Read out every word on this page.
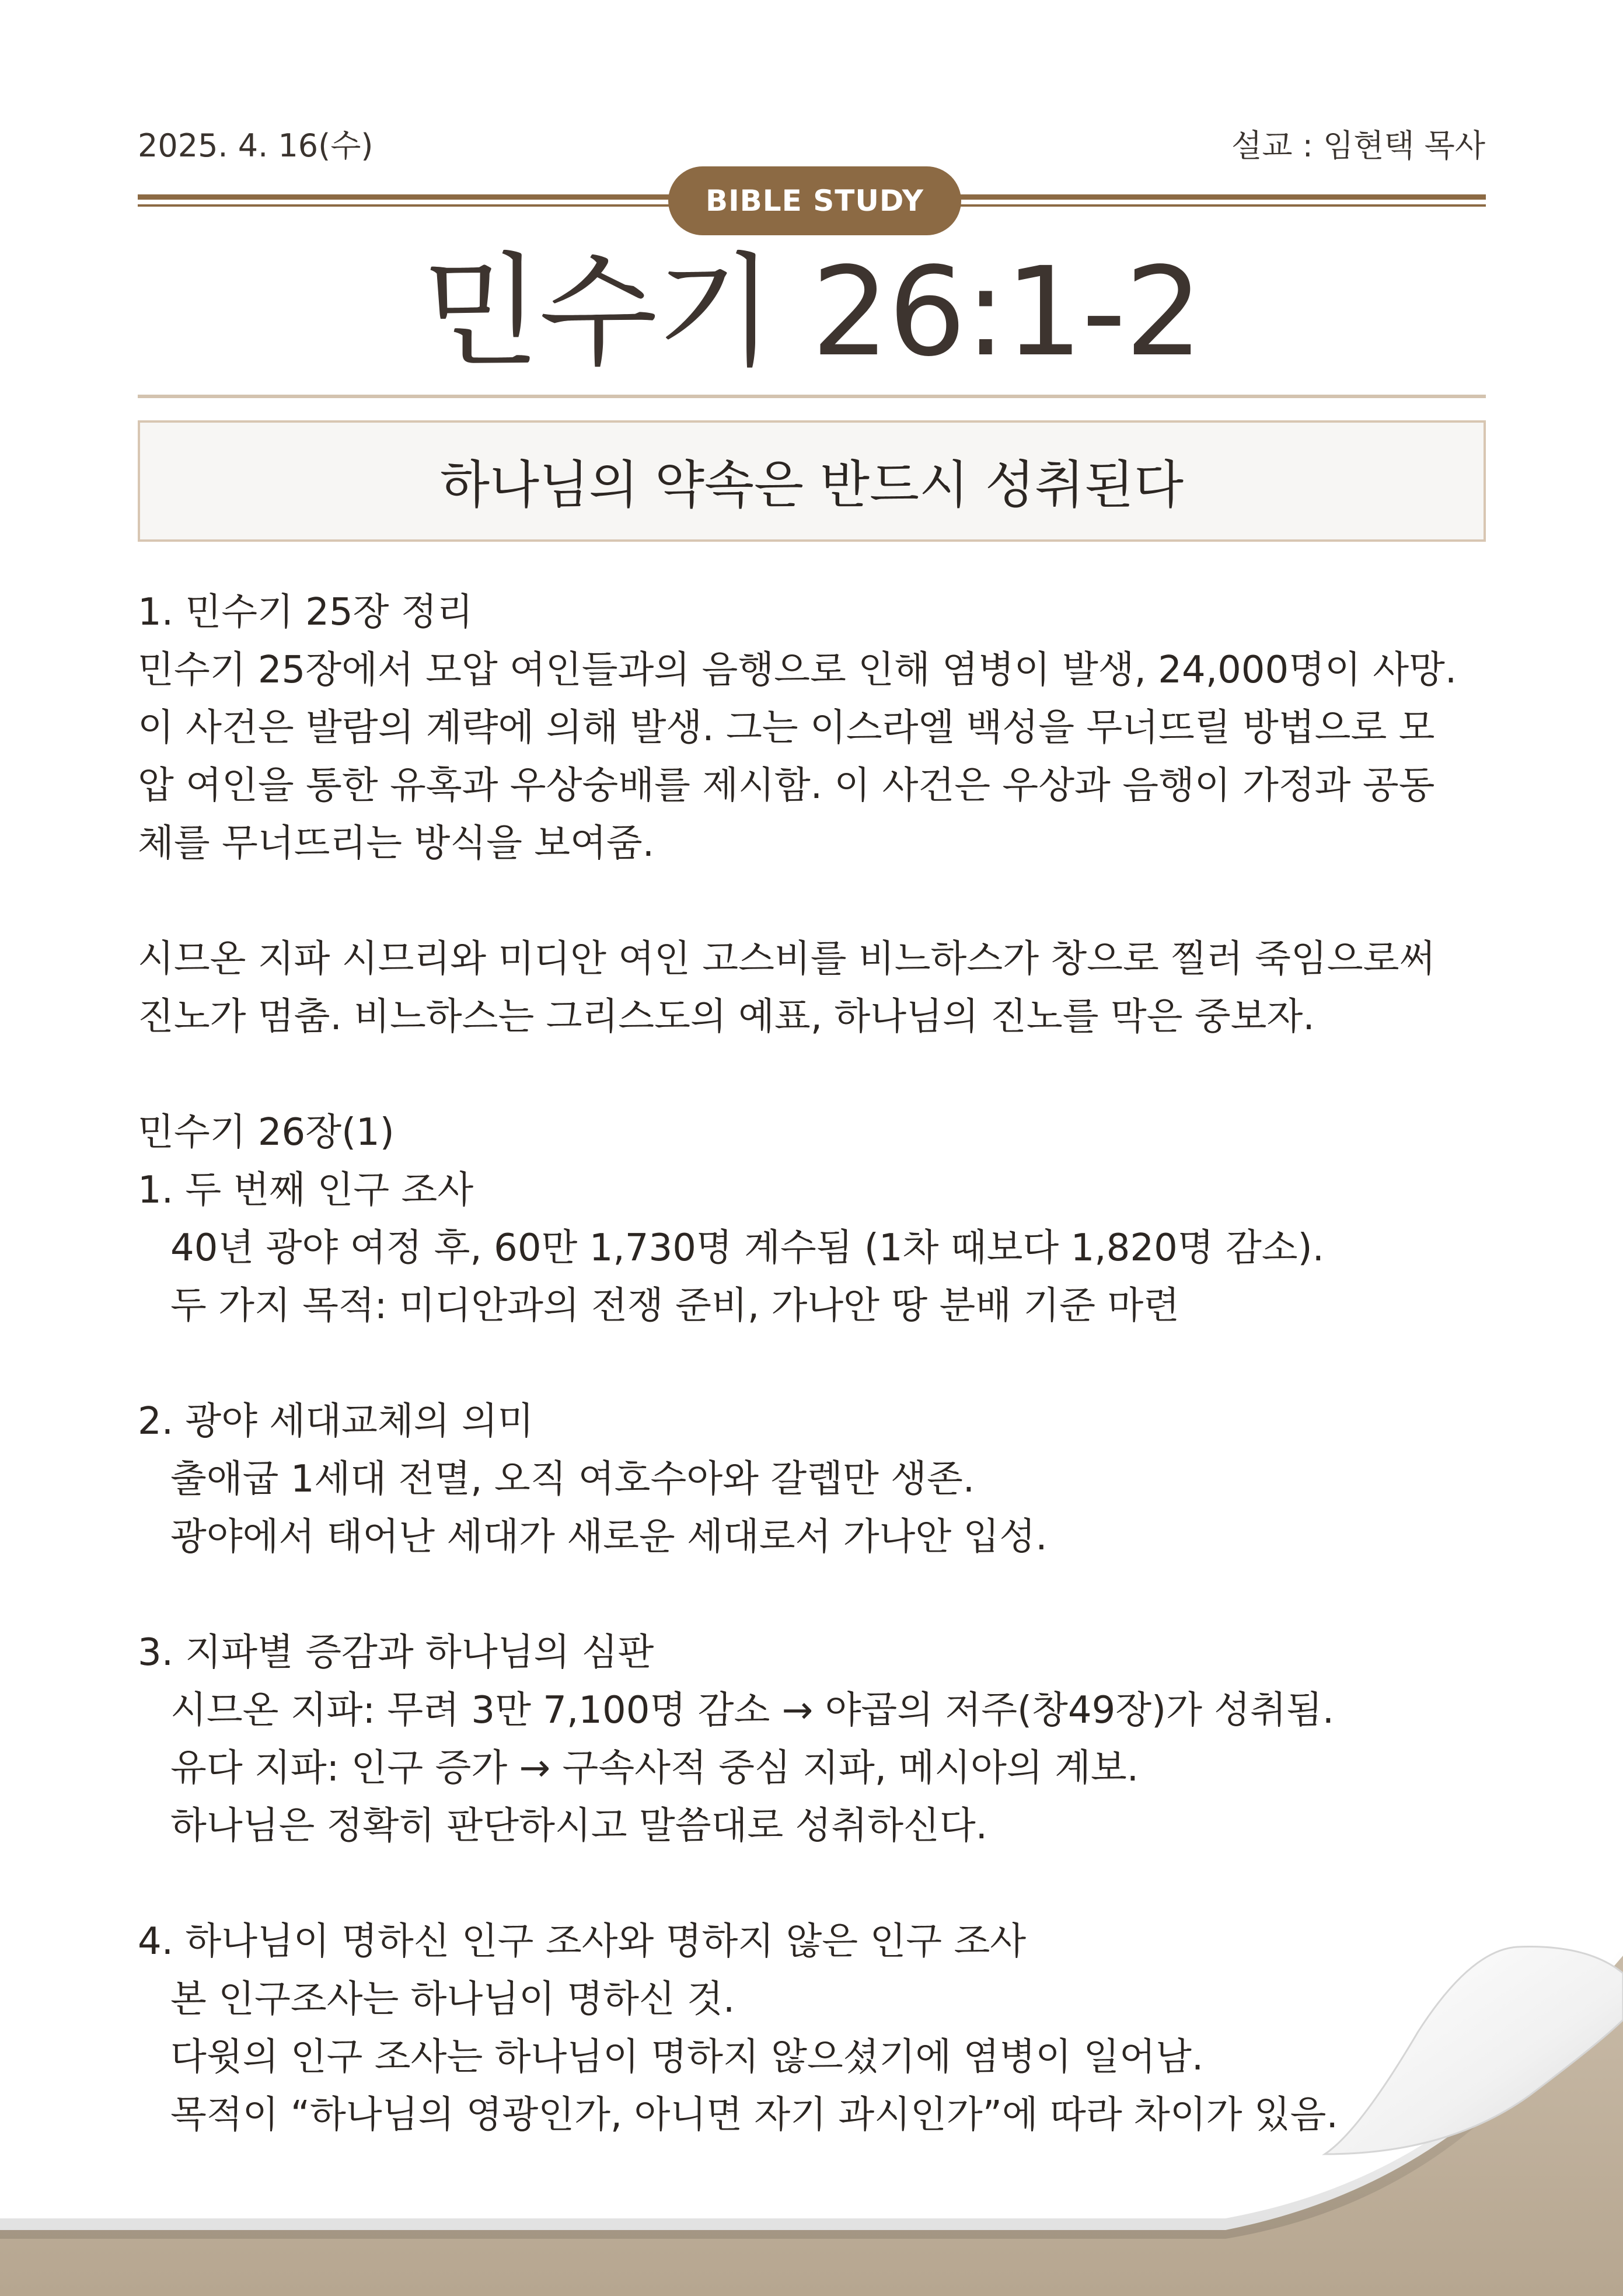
2025. 4. 16(수)	설교 : 임현택 목사
BIBLE STUDY
민수기 26:1-2
하나님의 약속은 반드시 성취된다

1. 민수기 25장 정리

민수기 25장에서 모압 여인들과의 음행으로 인해 염병이 발생, 24,000명이 사망.

이 사건은 발람의 계략에 의해 발생. 그는 이스라엘 백성을 무너뜨릴 방법으로 모

압 여인을 통한 유혹과 우상숭배를 제시함. 이 사건은 우상과 음행이 가정과 공동

체를 무너뜨리는 방식을 보여줌.

시므온 지파 시므리와 미디안 여인 고스비를 비느하스가 창으로 찔러 죽임으로써

진노가 멈춤. 비느하스는 그리스도의 예표, 하나님의 진노를 막은 중보자.

민수기 26장(1)

1. 두 번째 인구 조사

40년 광야 여정 후, 60만 1,730명 계수됨 (1차 때보다 1,820명 감소).

두 가지 목적: 미디안과의 전쟁 준비, 가나안 땅 분배 기준 마련

2. 광야 세대교체의 의미

출애굽 1세대 전멸, 오직 여호수아와 갈렙만 생존.

광야에서 태어난 세대가 새로운 세대로서 가나안 입성.

3. 지파별 증감과 하나님의 심판

시므온 지파: 무려 3만 7,100명 감소 → 야곱의 저주(창49장)가 성취됨.

유다 지파: 인구 증가 → 구속사적 중심 지파, 메시아의 계보.

하나님은 정확히 판단하시고 말씀대로 성취하신다.

4. 하나님이 명하신 인구 조사와 명하지 않은 인구 조사

본 인구조사는 하나님이 명하신 것.

다윗의 인구 조사는 하나님이 명하지 않으셨기에 염병이 일어남.

목적이 “하나님의 영광인가, 아니면 자기 과시인가”에 따라 차이가 있음.
